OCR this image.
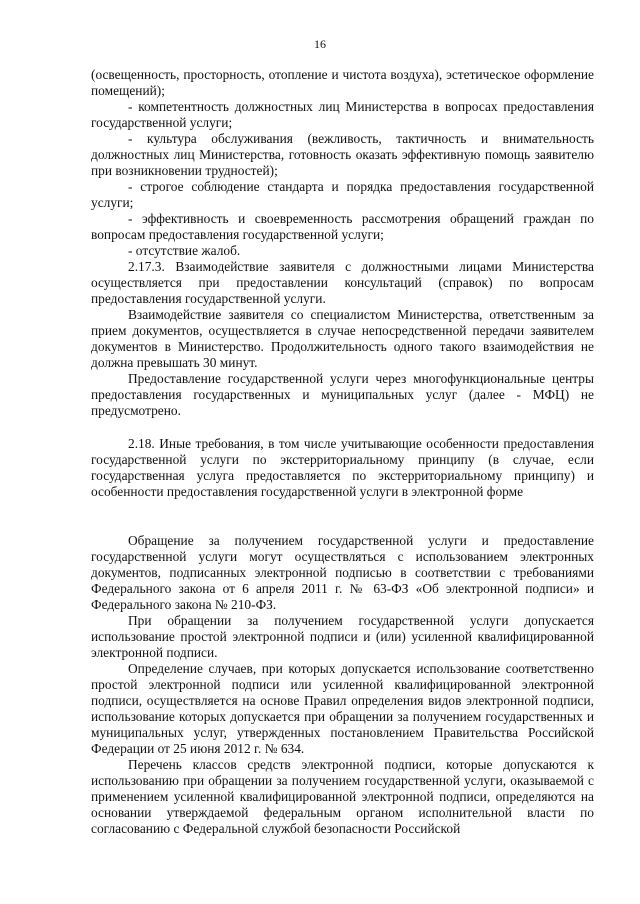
16

(освещенность, просторность, отопление и чистота воздуха), эстетическое оформление помещений);

- компетентность должностных лиц Министерства в вопросах предоставления государственной услуги;

- культура обслуживания (вежливость, тактичность и внимательность должностных лиц Министерства, готовность оказать эффективную помощь заявителю при возникновении трудностей);

- строгое соблюдение стандарта и порядка предоставления государственной услуги;

- эффективность и своевременность рассмотрения обращений граждан по вопросам предоставления государственной услуги;

- отсутствие жалоб.

2.17.3. Взаимодействие заявителя с должностными лицами Министерства осуществляется при предоставлении консультаций (справок) по вопросам предоставления государственной услуги.

Взаимодействие заявителя со специалистом Министерства, ответственным за прием документов, осуществляется в случае непосредственной передачи заявителем документов в Министерство. Продолжительность одного такого взаимодействия не должна превышать 30 минут.

Предоставление государственной услуги через многофункциональные центры предоставления государственных и муниципальных услуг (далее - МФЦ) не предусмотрено.

2.18. Иные требования, в том числе учитывающие особенности предоставления государственной услуги по экстерриториальному принципу (в случае, если государственная услуга предоставляется по экстерриториальному принципу) и особенности предоставления государственной услуги в электронной форме

Обращение за получением государственной услуги и предоставление государственной услуги могут осуществляться с использованием электронных документов, подписанных электронной подписью в соответствии с требованиями Федерального закона от 6 апреля 2011 г. № 63-ФЗ «Об электронной подписи» и Федерального закона № 210-ФЗ.

При обращении за получением государственной услуги допускается использование простой электронной подписи и (или) усиленной квалифицированной электронной подписи.

Определение случаев, при которых допускается использование соответственно простой электронной подписи или усиленной квалифицированной электронной подписи, осуществляется на основе Правил определения видов электронной подписи, использование которых допускается при обращении за получением государственных и муниципальных услуг, утвержденных постановлением Правительства Российской Федерации от 25 июня 2012 г. № 634.

Перечень классов средств электронной подписи, которые допускаются к использованию при обращении за получением государственной услуги, оказываемой с применением усиленной квалифицированной электронной подписи, определяются на основании утверждаемой федеральным органом исполнительной власти по согласованию с Федеральной службой безопасности Российской
